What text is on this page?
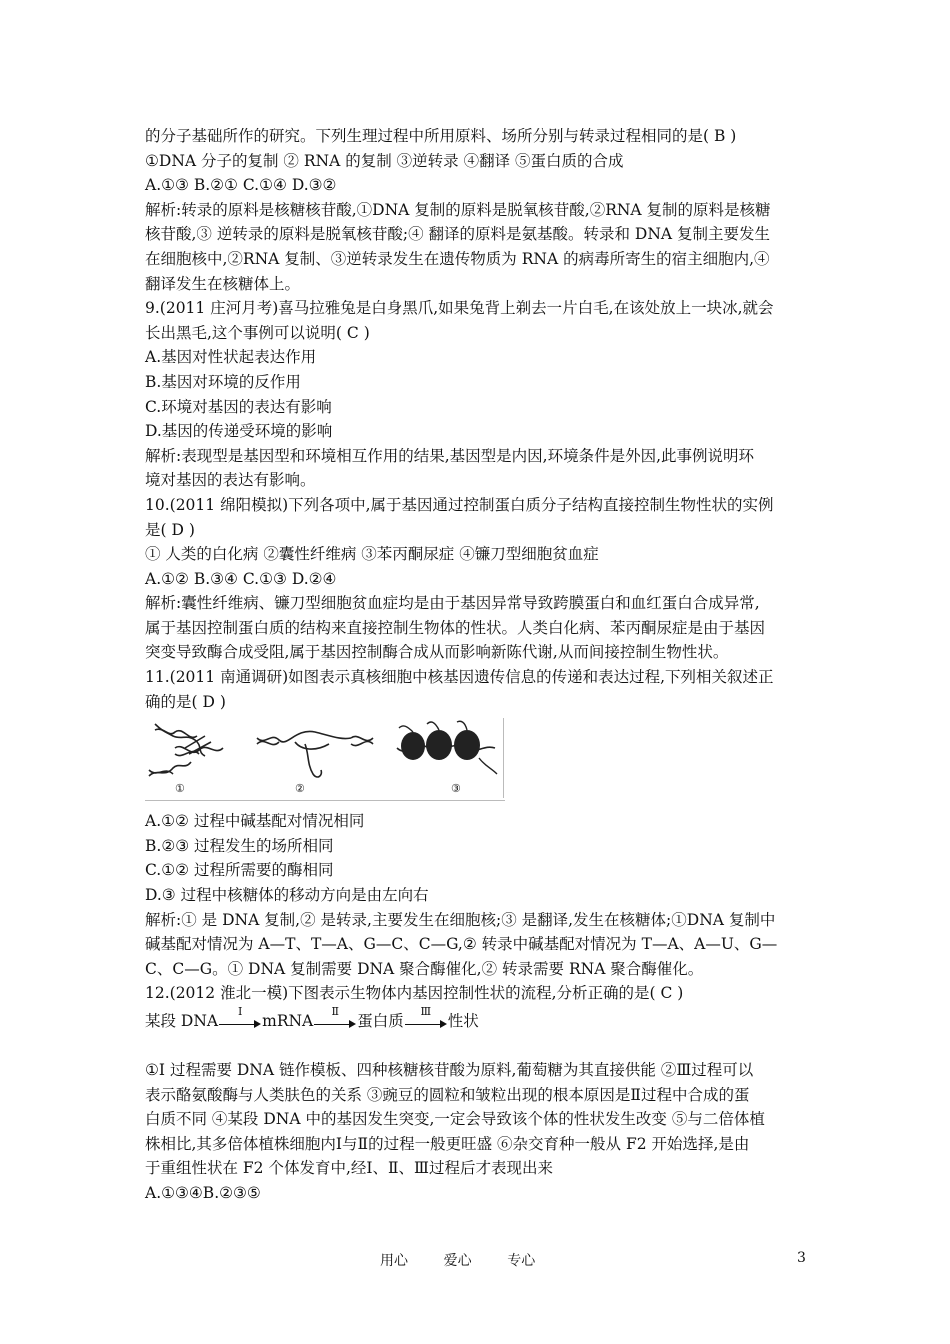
的分子基础所作的研究。下列生理过程中所用原料、场所分别与转录过程相同的是( B )
①DNA 分子的复制 ② RNA 的复制 ③逆转录 ④翻译 ⑤蛋白质的合成
A.①③ B.②① C.①④ D.③②
解析:转录的原料是核糖核苷酸,①DNA 复制的原料是脱氧核苷酸,②RNA 复制的原料是核糖
核苷酸,③ 逆转录的原料是脱氧核苷酸;④ 翻译的原料是氨基酸。转录和 DNA 复制主要发生
在细胞核中,②RNA 复制、③逆转录发生在遗传物质为 RNA 的病毒所寄生的宿主细胞内,④
翻译发生在核糖体上。
9.(2011 庄河月考)喜马拉雅兔是白身黑爪,如果兔背上剃去一片白毛,在该处放上一块冰,就会
长出黑毛,这个事例可以说明( C )
A.基因对性状起表达作用
B.基因对环境的反作用
C.环境对基因的表达有影响
D.基因的传递受环境的影响
解析:表现型是基因型和环境相互作用的结果,基因型是内因,环境条件是外因,此事例说明环
境对基因的表达有影响。
10.(2011 绵阳模拟)下列各项中,属于基因通过控制蛋白质分子结构直接控制生物性状的实例
是( D )
① 人类的白化病 ②囊性纤维病 ③苯丙酮尿症 ④镰刀型细胞贫血症
A.①② B.③④ C.①③ D.②④
解析:囊性纤维病、镰刀型细胞贫血症均是由于基因异常导致跨膜蛋白和血红蛋白合成异常,
属于基因控制蛋白质的结构来直接控制生物体的性状。人类白化病、苯丙酮尿症是由于基因
突变导致酶合成受阻,属于基因控制酶合成从而影响新陈代谢,从而间接控制生物性状。
11.(2011 南通调研)如图表示真核细胞中核基因遗传信息的传递和表达过程,下列相关叙述正
确的是( D )
①	②	③
A.①② 过程中碱基配对情况相同
B.②③ 过程发生的场所相同
C.①② 过程所需要的酶相同
D.③ 过程中核糖体的移动方向是由左向右
解析:① 是 DNA 复制,② 是转录,主要发生在细胞核;③ 是翻译,发生在核糖体;①DNA 复制中
碱基配对情况为 A—T、T—A、G—C、C—G,② 转录中碱基配对情况为 T—A、A—U、G—
C、C—G。① DNA 复制需要 DNA 聚合酶催化,② 转录需要 RNA 聚合酶催化。
12.(2012 淮北一模)下图表示生物体内基因控制性状的流程,分析正确的是( C )
某段 DNA
Ⅰ
mRNA
Ⅱ
蛋白质
Ⅲ
性状
①Ⅰ 过程需要 DNA 链作模板、四种核糖核苷酸为原料,葡萄糖为其直接供能 ②Ⅲ过程可以
表示酪氨酸酶与人类肤色的关系 ③豌豆的圆粒和皱粒出现的根本原因是Ⅱ过程中合成的蛋
白质不同 ④某段 DNA 中的基因发生突变,一定会导致该个体的性状发生改变 ⑤与二倍体植
株相比,其多倍体植株细胞内Ⅰ与Ⅱ的过程一般更旺盛 ⑥杂交育种一般从 F2 开始选择,是由
于重组性状在 F2 个体发育中,经Ⅰ、Ⅱ、Ⅲ过程后才表现出来
A.①③④B.②③⑤
用心        爱心        专心	3
